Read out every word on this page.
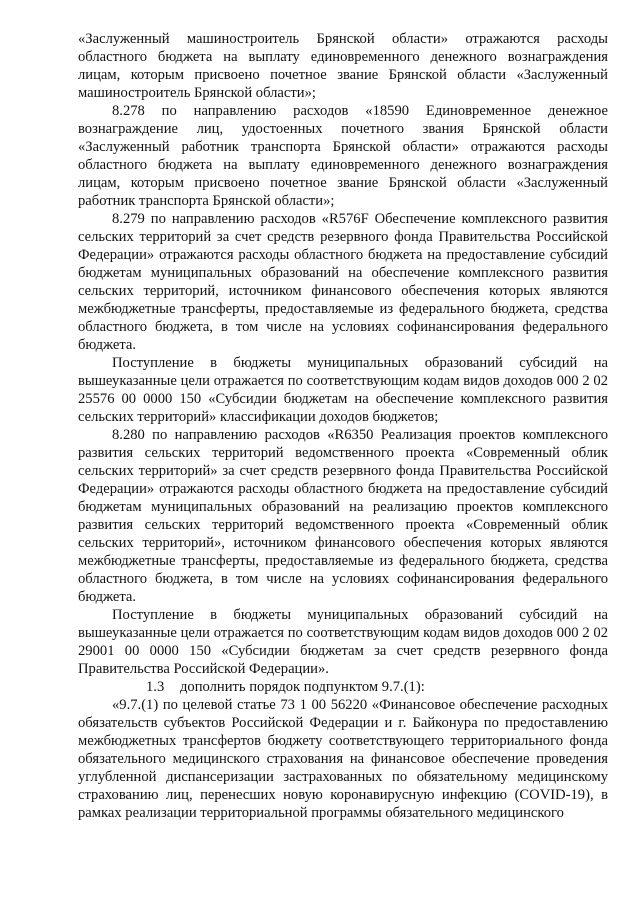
«Заслуженный машиностроитель Брянской области» отражаются расходы областного бюджета на выплату единовременного денежного вознаграждения лицам, которым присвоено почетное звание Брянской области «Заслуженный машиностроитель Брянской области»;

8.278 по направлению расходов «18590 Единовременное денежное вознаграждение лиц, удостоенных почетного звания Брянской области «Заслуженный работник транспорта Брянской области» отражаются расходы областного бюджета на выплату единовременного денежного вознаграждения лицам, которым присвоено почетное звание Брянской области «Заслуженный работник транспорта Брянской области»;

8.279 по направлению расходов «R576F Обеспечение комплексного развития сельских территорий за счет средств резервного фонда Правительства Российской Федерации» отражаются расходы областного бюджета на предоставление субсидий бюджетам муниципальных образований на обеспечение комплексного развития сельских территорий, источником финансового обеспечения которых являются межбюджетные трансферты, предоставляемые из федерального бюджета, средства областного бюджета, в том числе на условиях софинансирования федерального бюджета.

Поступление в бюджеты муниципальных образований субсидий на вышеуказанные цели отражается по соответствующим кодам видов доходов 000 2 02 25576 00 0000 150 «Субсидии бюджетам на обеспечение комплексного развития сельских территорий» классификации доходов бюджетов;

8.280 по направлению расходов «R6350 Реализация проектов комплексного развития сельских территорий ведомственного проекта «Современный облик сельских территорий» за счет средств резервного фонда Правительства Российской Федерации» отражаются расходы областного бюджета на предоставление субсидий бюджетам муниципальных образований на реализацию проектов комплексного развития сельских территорий ведомственного проекта «Современный облик сельских территорий», источником финансового обеспечения которых являются межбюджетные трансферты, предоставляемые из федерального бюджета, средства областного бюджета, в том числе на условиях софинансирования федерального бюджета.

Поступление в бюджеты муниципальных образований субсидий на вышеуказанные цели отражается по соответствующим кодам видов доходов 000 2 02 29001 00 0000 150 «Субсидии бюджетам за счет средств резервного фонда Правительства Российской Федерации».

1.3 дополнить порядок подпунктом 9.7.(1):

«9.7.(1) по целевой статье 73 1 00 56220 «Финансовое обеспечение расходных обязательств субъектов Российской Федерации и г. Байконура по предоставлению межбюджетных трансфертов бюджету соответствующего территориального фонда обязательного медицинского страхования на финансовое обеспечение проведения углубленной диспансеризации застрахованных по обязательному медицинскому страхованию лиц, перенесших новую коронавирусную инфекцию (COVID-19), в рамках реализации территориальной программы обязательного медицинского
